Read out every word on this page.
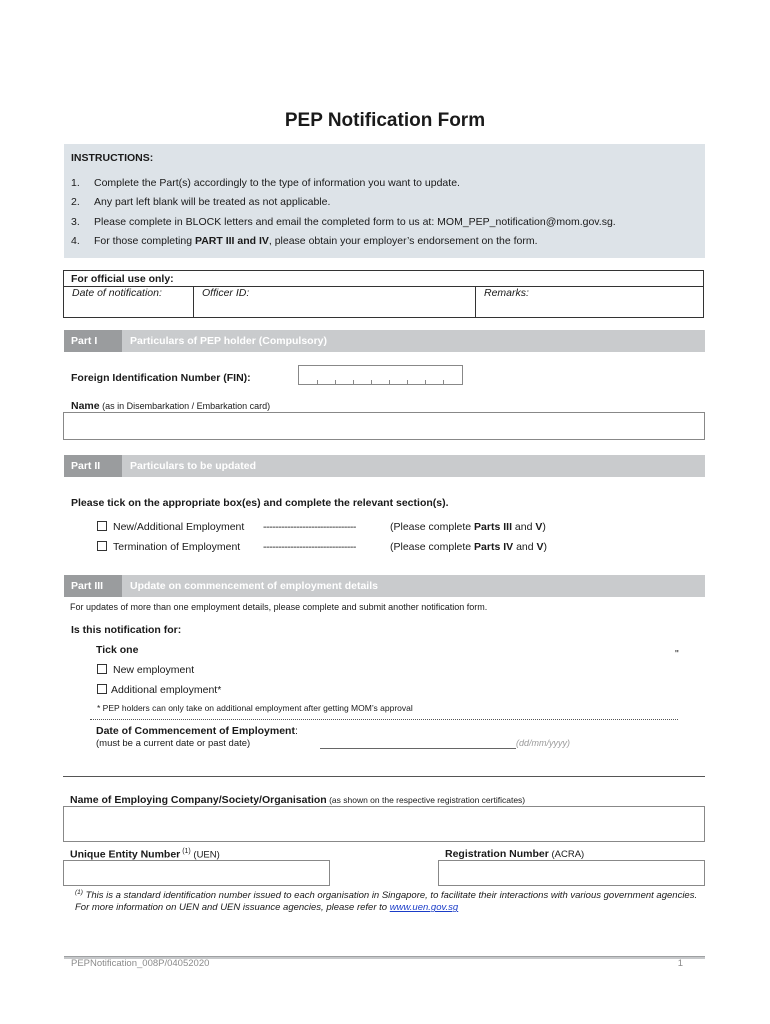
PEP Notification Form
INSTRUCTIONS:
1. Complete the Part(s) accordingly to the type of information you want to update.
2. Any part left blank will be treated as not applicable.
3. Please complete in BLOCK letters and email the completed form to us at: MOM_PEP_notification@mom.gov.sg.
4. For those completing PART III and IV, please obtain your employer’s endorsement on the form.
For official use only:
Date of notification:	Officer ID:	Remarks:
Part I	Particulars of PEP holder (Compulsory)
Foreign Identification Number (FIN):
Name (as in Disembarkation / Embarkation card)
Part II	Particulars to be updated
Please tick on the appropriate box(es) and complete the relevant section(s).
New/Additional Employment -------------------------------	(Please complete Parts III and V)
Termination of Employment -------------------------------	(Please complete Parts IV and V)
Part III	Update on commencement of employment details
For updates of more than one employment details, please complete and submit another notification form.
Is this notification for:
Tick one	"
New employment
Additional employment*
* PEP holders can only take on additional employment after getting MOM’s approval
Date of Commencement of Employment:
(must be a current date or past date)	(dd/mm/yyyy)
Name of Employing Company/Society/Organisation (as shown on the respective registration certificates)
Unique Entity Number $^{(1)}$ (UEN)	Registration Number (ACRA)
$^{(1)}$ This is a standard identification number issued to each organisation in Singapore, to facilitate their interactions with various government agencies. For more information on UEN and UEN issuance agencies, please refer to www.uen.gov.sg
PEPNotification_008P/04052020	1
